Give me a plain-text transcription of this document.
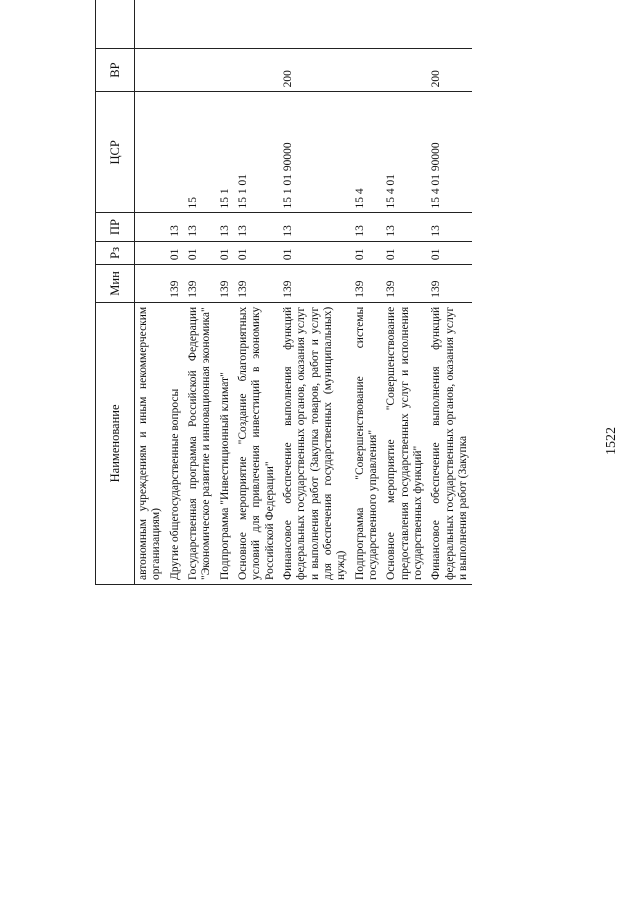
1522
Наименование	Мин	Рз	ПР	ЦСР	ВР		
автономным учреждениям и иным некоммерческим организациям)							
Другие общегосударственные вопросы	139	01	13				
Государственная программа Российской Федерации "Экономическое развитие и инновационная экономика"	139	01	13	15			
Подпрограмма "Инвестиционный климат"	139	01	13	15 1			
Основное мероприятие "Создание благоприятных условий для привлечения инвестиций в экономику Российской Федерации"	139	01	13	15 1 01			
Финансовое обеспечение выполнения функций федеральных государственных органов, оказания услуг и выполнения работ (Закупка товаров, работ и услуг для обеспечения государственных (муниципальных) нужд)	139	01	13	15 1 01 90000	200		
Подпрограмма "Совершенствование системы государственного управления"	139	01	13	15 4			
Основное мероприятие "Совершенствование предоставления государственных услуг и исполнения государственных функций"	139	01	13	15 4 01			
Финансовое обеспечение выполнения функций федеральных государственных органов, оказания услуг и выполнения работ (Закупка	139	01	13	15 4 01 90000	200		
